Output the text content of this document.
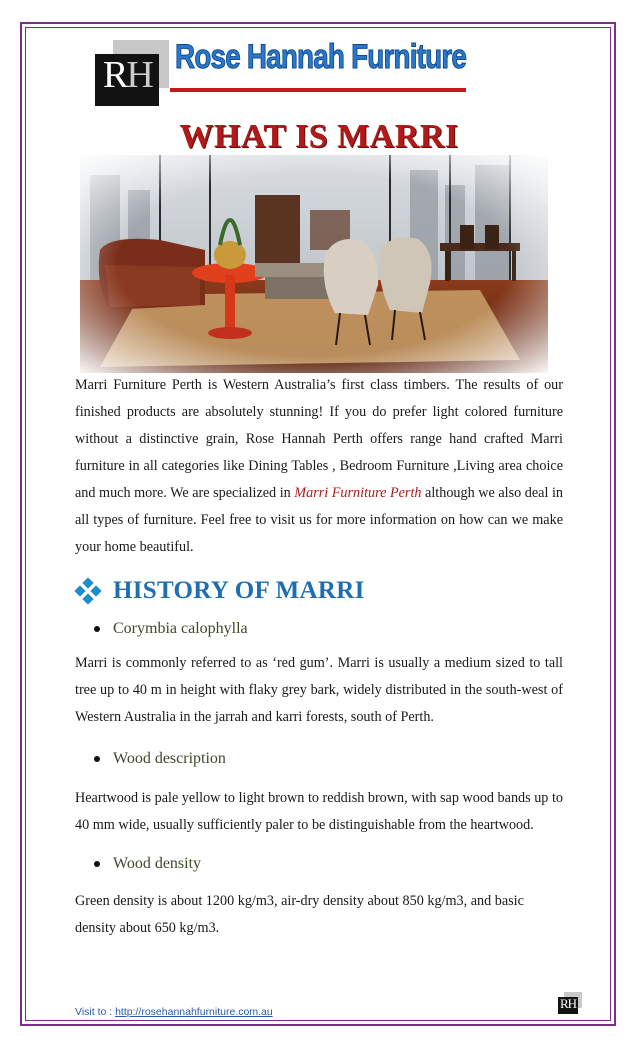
RH Rose Hannah Furniture
WHAT IS MARRI

Marri Furniture Perth is Western Australia’s first class timbers. The results of our finished products are absolutely stunning! If you do prefer light colored furniture without a distinctive grain, Rose Hannah Perth offers range hand crafted Marri furniture in all categories like Dining Tables , Bedroom Furniture ,Living area choice and much more. We are specialized in Marri Furniture Perth although we also deal in all types of furniture. Feel free to visit us for more information on how can we make your home beautiful.

HISTORY OF MARRI
Corymbia calophylla

Marri is commonly referred to as ‘red gum’. Marri is usually a medium sized to tall tree up to 40 m in height with flaky grey bark, widely distributed in the south-west of Western Australia in the jarrah and karri forests, south of Perth.

Wood description

Heartwood is pale yellow to light brown to reddish brown, with sap wood bands up to 40 mm wide, usually sufficiently paler to be distinguishable from the heartwood.

Wood density

Green density is about 1200 kg/m3, air-dry density about 850 kg/m3, and basic density about 650 kg/m3.

Visit to : http://rosehannahfurniture.com.au
RH
